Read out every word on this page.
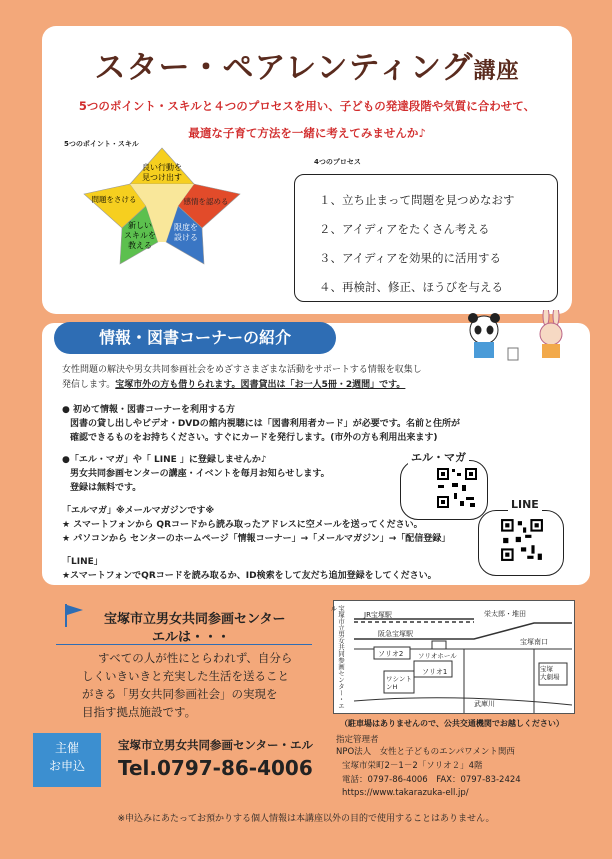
スター・ペアレンティング講座
5つのポイント・スキルと４つのプロセスを用い、子どもの発達段階や気質に合わせて、
最適な子育て方法を一緒に考えてみませんか♪
5つのポイント・スキル
4つのプロセス
良い行動を見つけ出す
感情を認める
限度を設ける
新しいスキルを教える
問題をさける	１、立ち止まって問題を見つめなおす
２、アイディアをたくさん考える
３、アイディアを効果的に活用する
４、再検討、修正、ほうびを与える
情報・図書コーナーの紹介
女性問題の解決や男女共同参画社会をめざすさまざまな活動をサポートする情報を収集し
発信します。宝塚市外の方も借りられます。図書貸出は「お一人5冊・2週間」です。
● 初めて情報・図書コーナーを利用する方
図書の貸し出しやビデオ・DVDの館内視聴には「図書利用者カード」が必要です。名前と住所が
確認できるものをお持ちください。すぐにカードを発行します。(市外の方も利用出来ます)
●「エル・マガ」や「 LINE 」に登録しませんか♪
男女共同参画センターの講座・イベントを毎月お知らせします。
登録は無料です。
「エルマガ」※メールマガジンです※
★ スマートフォンから QRコードから読み取ったアドレスに空メールを送ってください。
★ パソコンから センターのホームページ「情報コーナー」→「メールマガジン」→「配信登録」
「LINE」
★スマートフォンでQRコードを読み取るか、ID検索をして友だち追加登録をしてください。
エル・マガ
LINE
宝塚市立男女共同参画センター
エルは・・・
すべての人が性にとらわれず、自分ら
しくいきいきと充実した生活を送ること
がきる「男女共同参画社会」の実現を
目指す拠点施設です。
宝塚市立男女共同参画センター・エル
JR宝塚駅	栄太郎・堆田
阪急宝塚駅
宝塚南口
ソリオ2 ソリオホール
ソリオ1
ワシントンH
武庫川
宝塚
大劇場
（駐車場はありませんので、公共交通機関でお越しください）
主催
お申込
宝塚市立男女共同参画センター・エル
Tel.0797-86-4006
指定管理者
NPO法人　女性と子どものエンパワメント関西
宝塚市栄町2－1－2「ソリオ２」4階
電話：0797-86-4006　FAX：0797-83-2424
https://www.takarazuka-ell.jp/
※申込みにあたってお預かりする個人情報は本講座以外の目的で使用することはありません。
